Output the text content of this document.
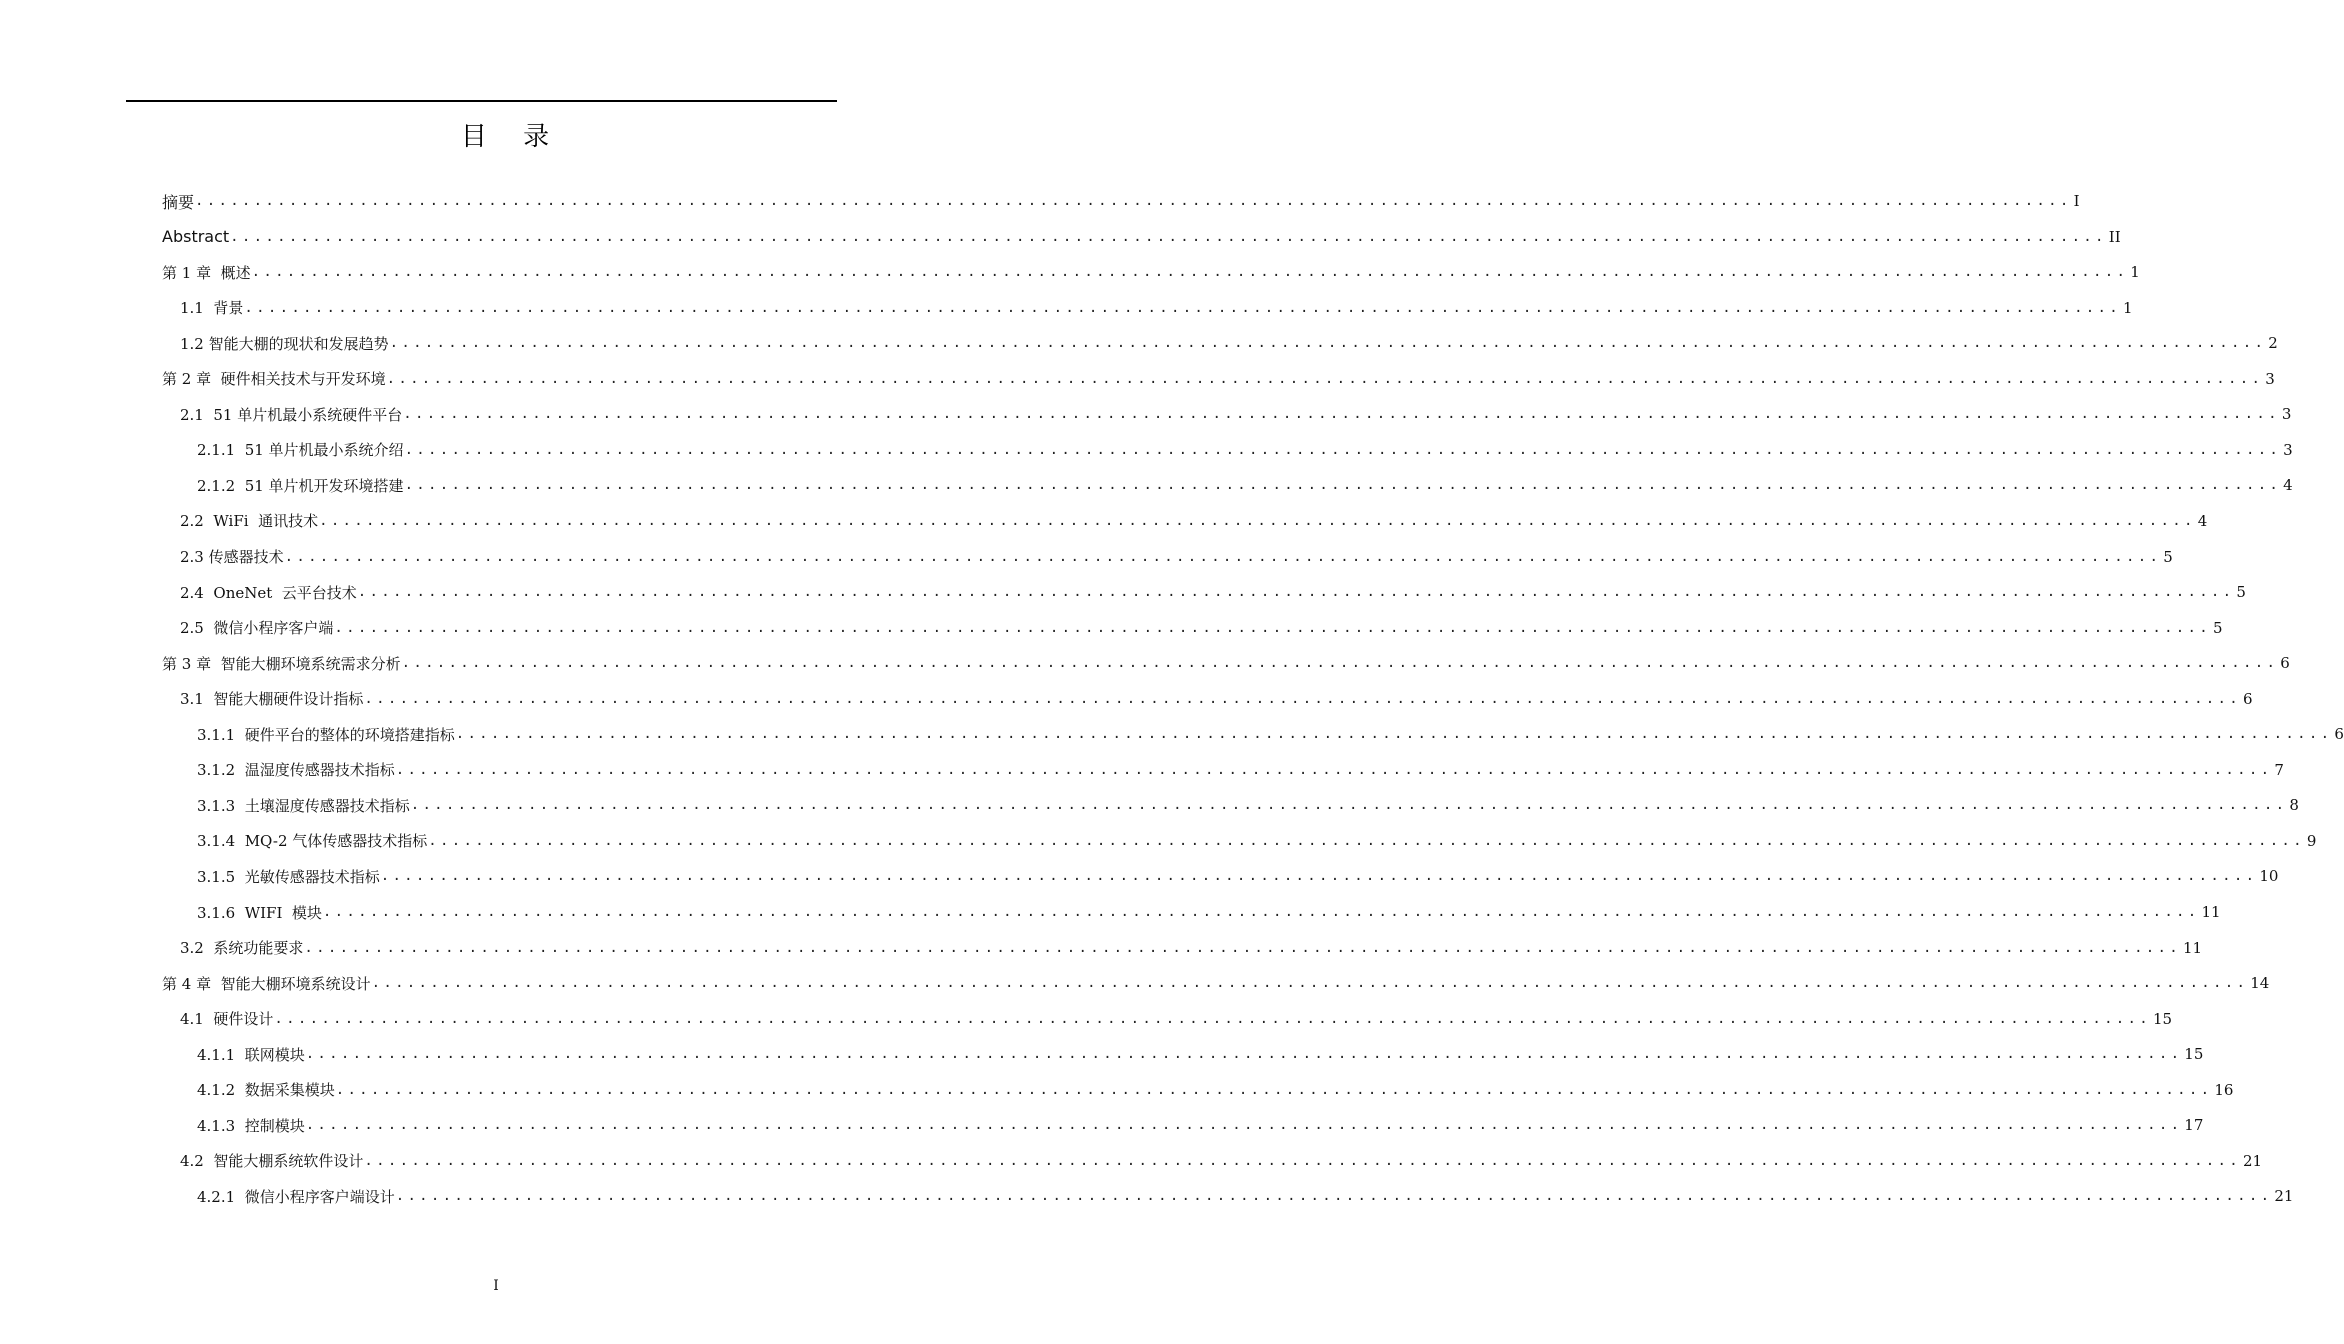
目 录
摘要 ................................................................................................................................................................ I
Abstract ................................................................................................................................................................ II
第 1 章  概述 ................................................................................................................................................................ 1
1.1  背景 ................................................................................................................................................................ 1
1.2 智能大棚的现状和发展趋势 ................................................................................................................................................................ 2
第 2 章  硬件相关技术与开发环境 ................................................................................................................................................................ 3
2.1  51 单片机最小系统硬件平台 ................................................................................................................................................................ 3
2.1.1  51 单片机最小系统介绍 ................................................................................................................................................................ 3
2.1.2  51 单片机开发环境搭建 ................................................................................................................................................................ 4
2.2  WiFi  通讯技术 ................................................................................................................................................................ 4
2.3 传感器技术 ................................................................................................................................................................ 5
2.4  OneNet  云平台技术 ................................................................................................................................................................ 5
2.5  微信小程序客户端 ................................................................................................................................................................ 5
第 3 章  智能大棚环境系统需求分析 ................................................................................................................................................................ 6
3.1  智能大棚硬件设计指标 ................................................................................................................................................................ 6
3.1.1  硬件平台的整体的环境搭建指标 ................................................................................................................................................................ 6
3.1.2  温湿度传感器技术指标 ................................................................................................................................................................ 7
3.1.3  土壤湿度传感器技术指标 ................................................................................................................................................................ 8
3.1.4  MQ-2 气体传感器技术指标 ................................................................................................................................................................ 9
3.1.5  光敏传感器技术指标 ................................................................................................................................................................ 10
3.1.6  WIFI  模块 ................................................................................................................................................................ 11
3.2  系统功能要求 ................................................................................................................................................................ 11
第 4 章  智能大棚环境系统设计 ................................................................................................................................................................ 14
4.1  硬件设计 ................................................................................................................................................................ 15
4.1.1  联网模块 ................................................................................................................................................................ 15
4.1.2  数据采集模块 ................................................................................................................................................................ 16
4.1.3  控制模块 ................................................................................................................................................................ 17
4.2  智能大棚系统软件设计 ................................................................................................................................................................ 21
4.2.1  微信小程序客户端设计 ................................................................................................................................................................ 21
I
